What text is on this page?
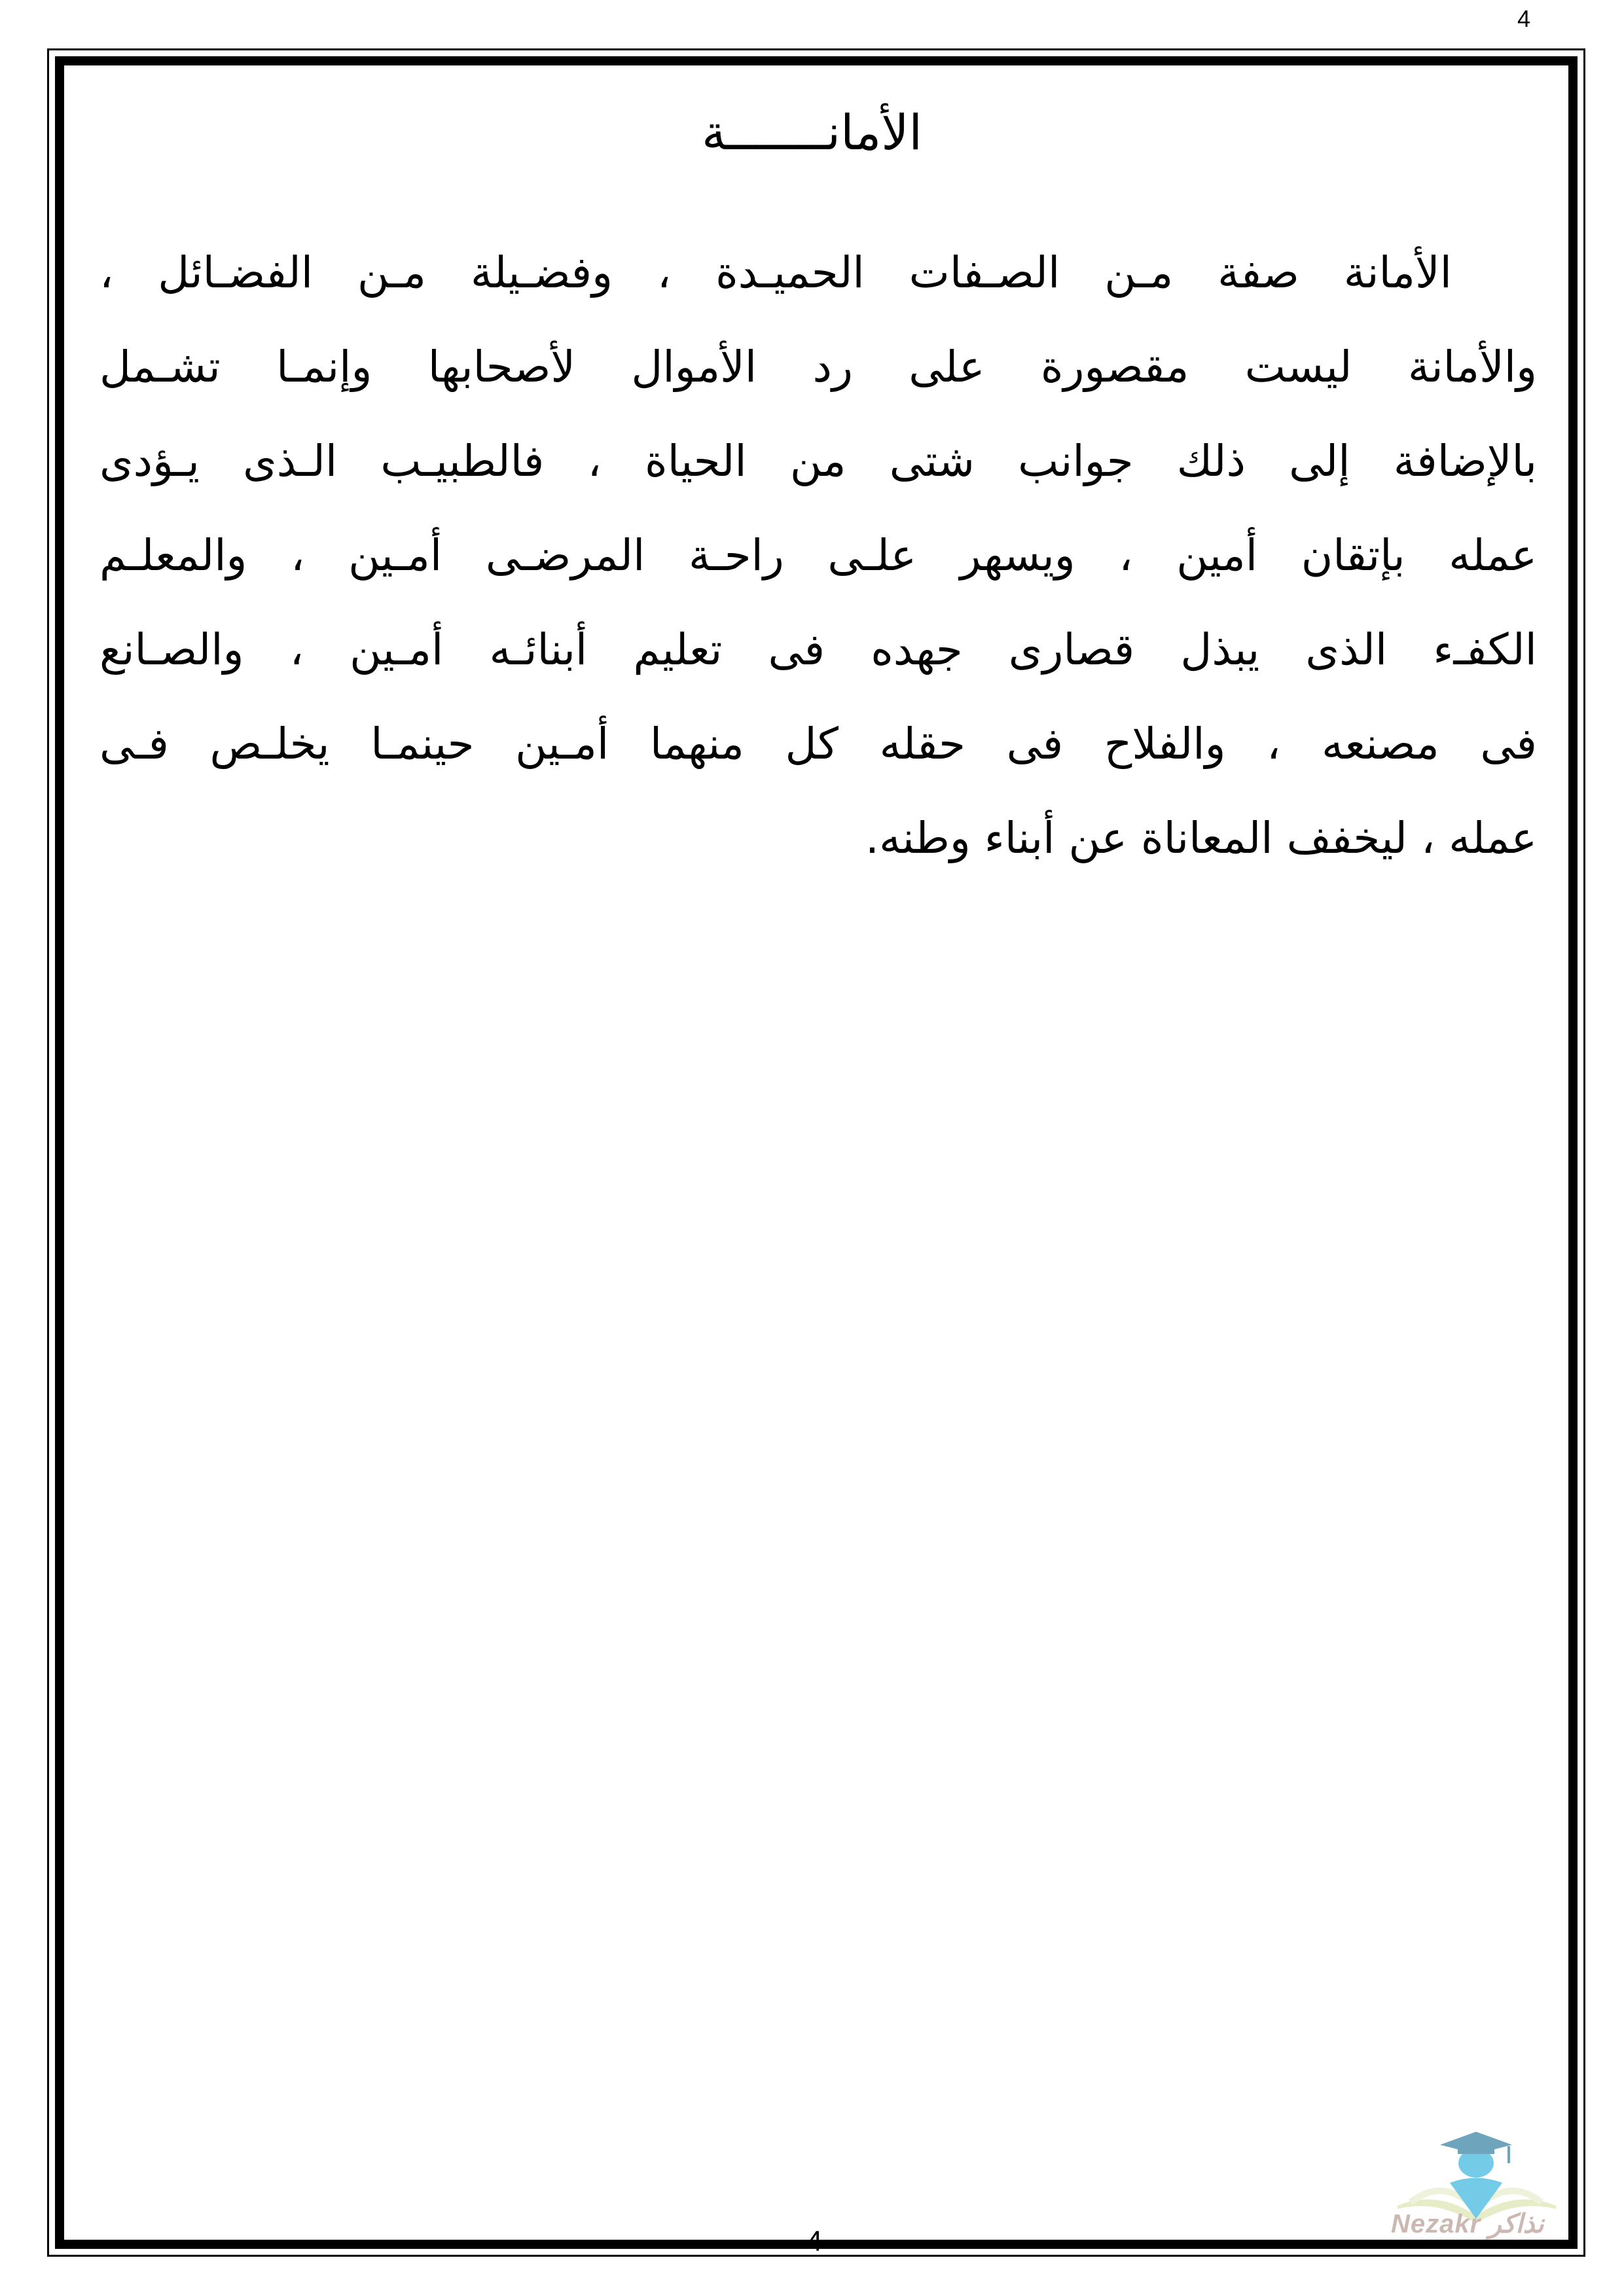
4
الأمانـــــــة
الأمانة صفة مـن الصـفات الحميـدة ، وفضـيلة مـن الفضـائل ،
والأمانة ليست مقصورة على رد الأموال لأصحابها وإنمـا تشـمل
بالإضافة إلى ذلك جوانب شتى من الحياة ، فالطبيـب الـذى يـؤدى
عمله بإتقان أمين ، ويسهر علـى راحـة المرضـى أمـين ، والمعلـم
الكفـء الذى يبذل قصارى جهده فى تعليم أبنائـه أمـين ، والصـانع
فى مصنعه ، والفلاح فى حقله كل منهما أمـين حينمـا يخلـص فـى
عمله ، ليخفف المعاناة عن أبناء وطنه.
Nezakr نذاكر
4
